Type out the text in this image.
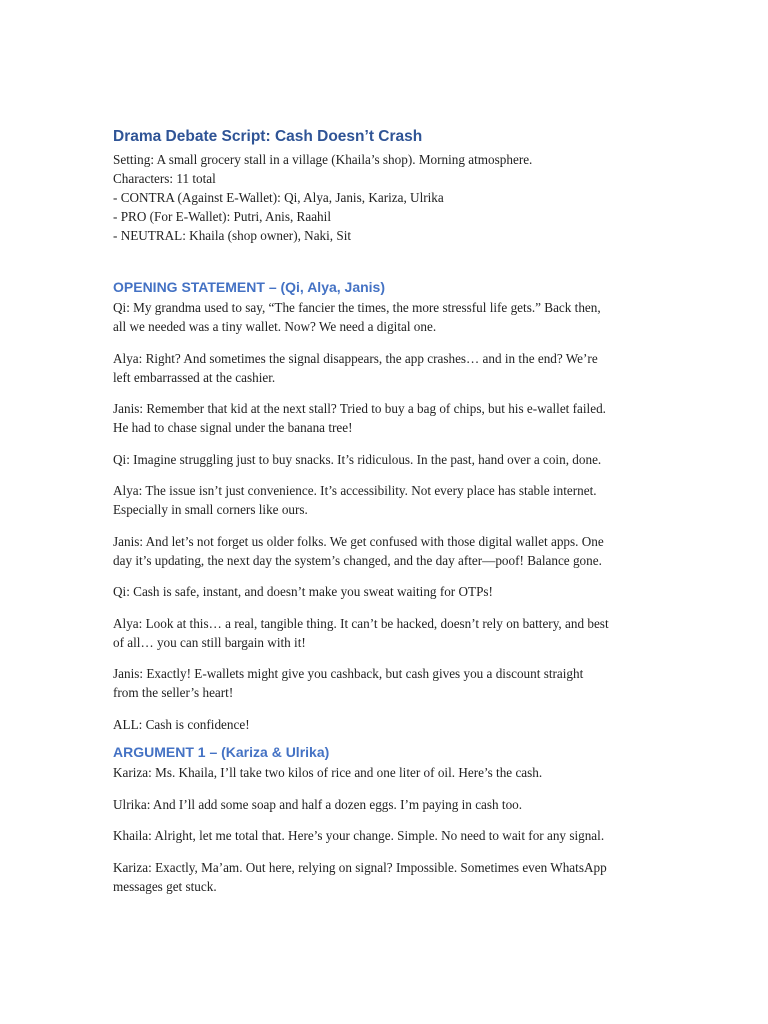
Drama Debate Script: Cash Doesn’t Crash

Setting: A small grocery stall in a village (Khaila’s shop). Morning atmosphere.

Characters: 11 total

- CONTRA (Against E-Wallet): Qi, Alya, Janis, Kariza, Ulrika

- PRO (For E-Wallet): Putri, Anis, Raahil

- NEUTRAL: Khaila (shop owner), Naki, Sit

OPENING STATEMENT – (Qi, Alya, Janis)
Qi: My grandma used to say, “The fancier the times, the more stressful life gets.” Back then,
all we needed was a tiny wallet. Now? We need a digital one.
Alya: Right? And sometimes the signal disappears, the app crashes… and in the end? We’re
left embarrassed at the cashier.
Janis: Remember that kid at the next stall? Tried to buy a bag of chips, but his e-wallet failed.
He had to chase signal under the banana tree!
Qi: Imagine struggling just to buy snacks. It’s ridiculous. In the past, hand over a coin, done.
Alya: The issue isn’t just convenience. It’s accessibility. Not every place has stable internet.
Especially in small corners like ours.
Janis: And let’s not forget us older folks. We get confused with those digital wallet apps. One
day it’s updating, the next day the system’s changed, and the day after—poof! Balance gone.
Qi: Cash is safe, instant, and doesn’t make you sweat waiting for OTPs!
Alya: Look at this… a real, tangible thing. It can’t be hacked, doesn’t rely on battery, and best
of all… you can still bargain with it!
Janis: Exactly! E-wallets might give you cashback, but cash gives you a discount straight
from the seller’s heart!
ALL: Cash is confidence!
ARGUMENT 1 – (Kariza & Ulrika)
Kariza: Ms. Khaila, I’ll take two kilos of rice and one liter of oil. Here’s the cash.
Ulrika: And I’ll add some soap and half a dozen eggs. I’m paying in cash too.
Khaila: Alright, let me total that. Here’s your change. Simple. No need to wait for any signal.
Kariza: Exactly, Ma’am. Out here, relying on signal? Impossible. Sometimes even WhatsApp
messages get stuck.
